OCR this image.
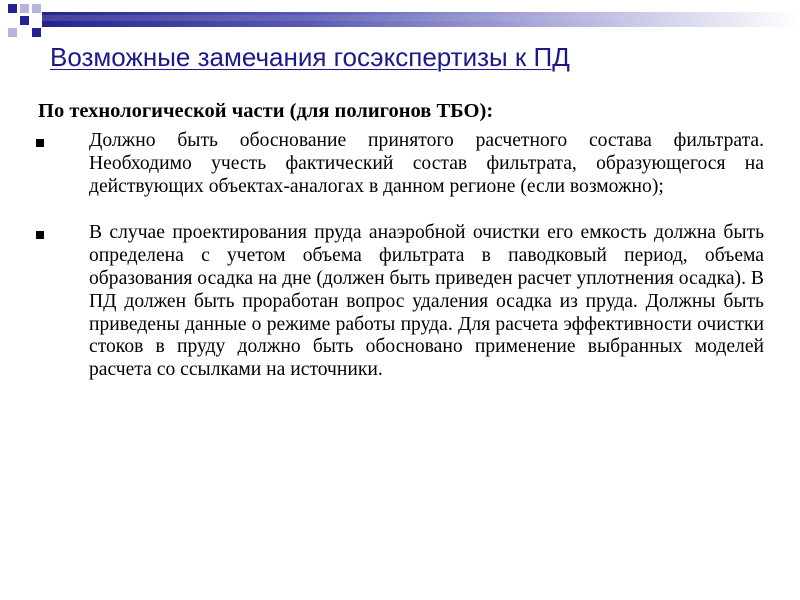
Возможные замечания госэкспертизы к ПД
По технологической части (для полигонов ТБО):
Должно быть обоснование принятого расчетного состава фильтрата. Необходимо учесть фактический состав фильтрата, образующегося на действующих объектах-аналогах в данном регионе (если возможно);
В случае проектирования пруда анаэробной очистки его емкость должна быть определена с учетом объема фильтрата в паводковый период, объема образования осадка на дне (должен быть приведен расчет уплотнения осадка). В ПД должен быть проработан вопрос удаления осадка из пруда. Должны быть приведены данные о режиме работы пруда. Для расчета эффективности очистки стоков в пруду должно быть обосновано применение выбранных моделей расчета со ссылками на источники.
